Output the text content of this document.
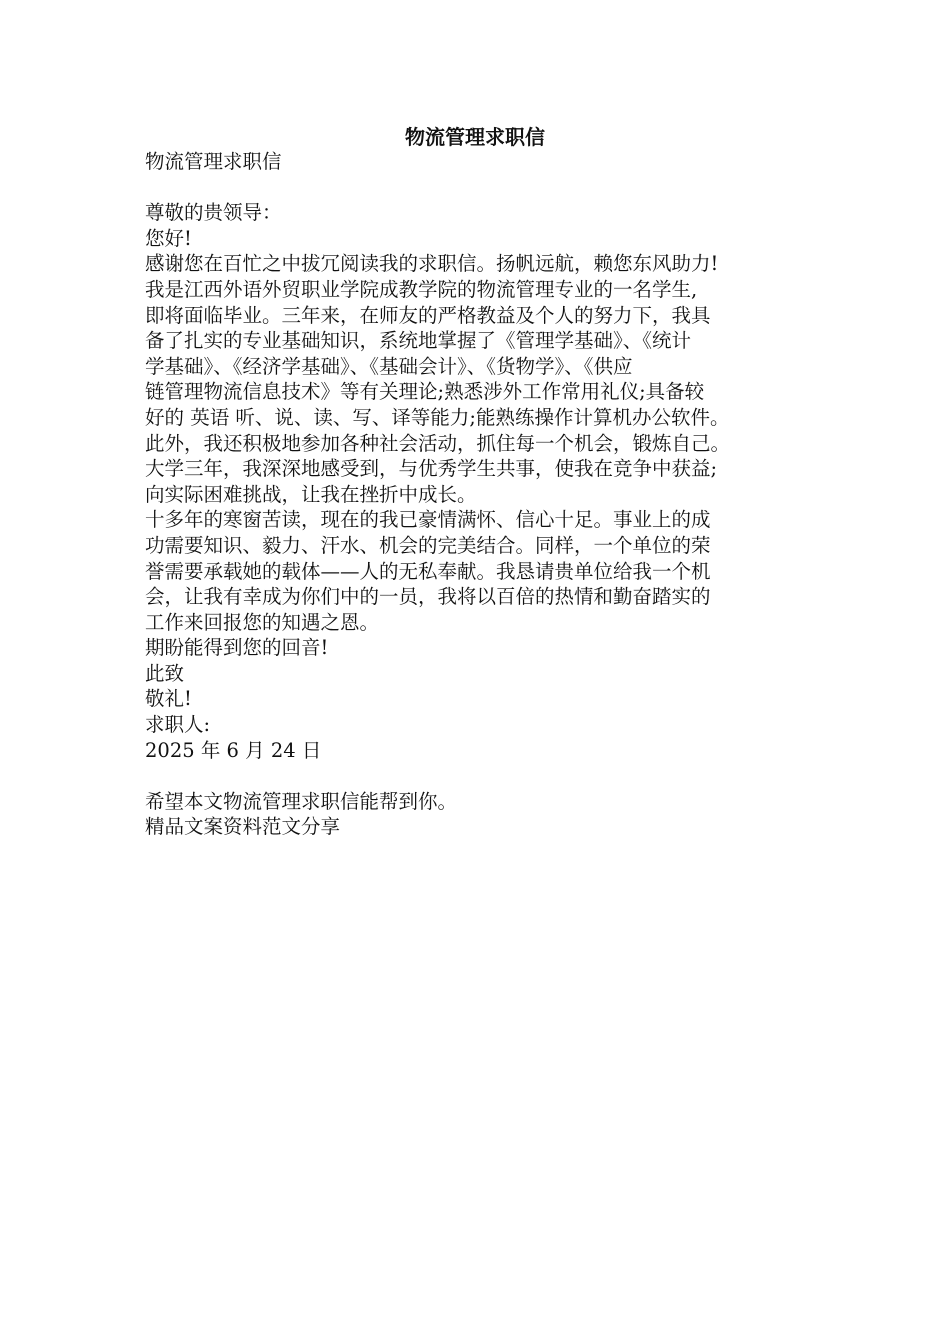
物流管理求职信
物流管理求职信
尊敬的贵领导：
您好!
感谢您在百忙之中拔冗阅读我的求职信。扬帆远航，赖您东风助力!
我是江西外语外贸职业学院成教学院的物流管理专业的一名学生,
即将面临毕业。三年来，在师友的严格教益及个人的努力下，我具
备了扎实的专业基础知识，系统地掌握了《管理学基础》、《统计
学基础》、《经济学基础》、《基础会计》、《货物学》、《供应
链管理物流信息技术》等有关理论;熟悉涉外工作常用礼仪;具备较
好的 英语 听、说、读、写、译等能力;能熟练操作计算机办公软件。
此外，我还积极地参加各种社会活动，抓住每一个机会，锻炼自己。
大学三年，我深深地感受到，与优秀学生共事，使我在竞争中获益;
向实际困难挑战，让我在挫折中成长。
十多年的寒窗苦读，现在的我已豪情满怀、信心十足。事业上的成
功需要知识、毅力、汗水、机会的完美结合。同样，一个单位的荣
誉需要承载她的载体——人的无私奉献。我恳请贵单位给我一个机
会，让我有幸成为你们中的一员，我将以百倍的热情和勤奋踏实的
工作来回报您的知遇之恩。
期盼能得到您的回音!
此致
敬礼!
求职人:
2025 年 6 月 24 日
希望本文物流管理求职信能帮到你。
精品文案资料范文分享
